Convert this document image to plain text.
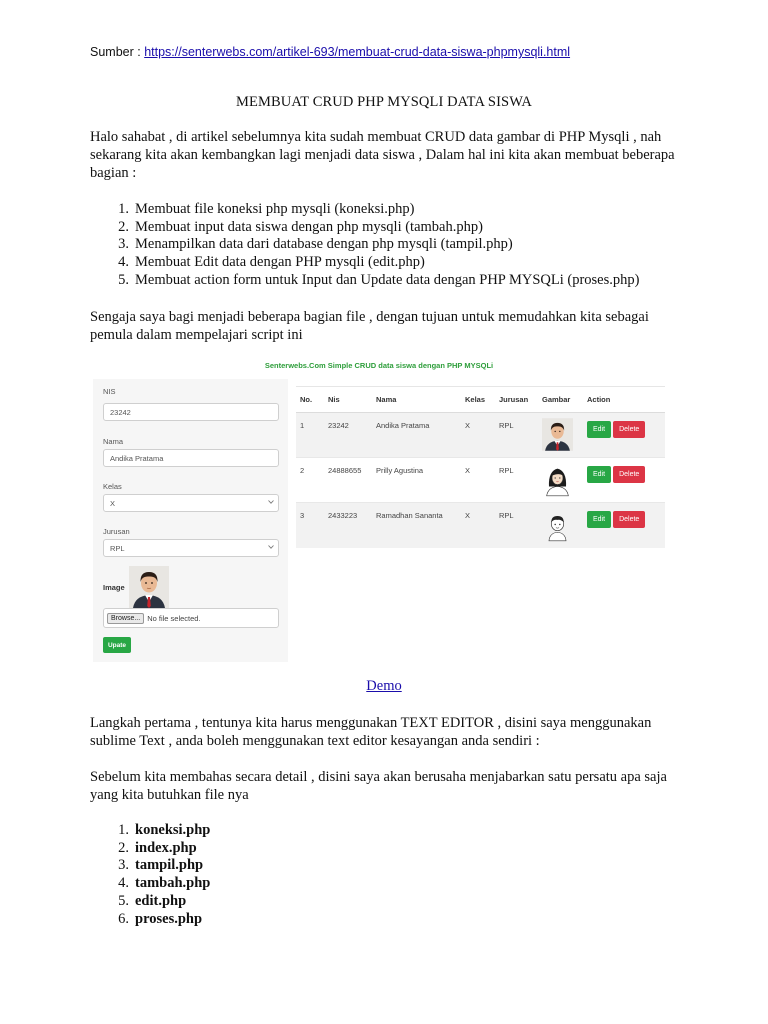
Sumber : https://senterwebs.com/artikel-693/membuat-crud-data-siswa-phpmysqli.html
MEMBUAT CRUD PHP MYSQLI DATA SISWA
Halo sahabat , di artikel sebelumnya kita sudah membuat CRUD data gambar di PHP Mysqli , nah sekarang kita akan kembangkan lagi menjadi data siswa , Dalam hal ini kita akan membuat beberapa bagian :
1. Membuat file koneksi php mysqli (koneksi.php)
2. Membuat input data siswa dengan php mysqli (tambah.php)
3. Menampilkan data dari database dengan php mysqli (tampil.php)
4. Membuat Edit data dengan PHP mysqli (edit.php)
5. Membuat action form untuk Input dan Update data dengan PHP MYSQLi (proses.php)
Sengaja saya bagi menjadi beberapa bagian file , dengan tujuan untuk memudahkan kita sebagai pemula dalam mempelajari script ini
Senterwebs.Com Simple CRUD data siswa dengan PHP MYSQLi
NIS
23242
Nama
Andika Pratama
Kelas
X
Jurusan
RPL
Image
Browse... No file selected.
Upate
No.	Nis	Nama	Kelas	Jurusan	Gambar	Action
1	23242	Andika Pratama	X	RPL		Edit Delete
2	24888655	Prilly Agustina	X	RPL		Edit Delete
3	2433223	Ramadhan Sananta	X	RPL		Edit Delete
Demo
Langkah pertama , tentunya kita harus menggunakan TEXT EDITOR , disini saya menggunakan sublime Text , anda boleh menggunakan text editor kesayangan anda sendiri :
Sebelum kita membahas secara detail , disini saya akan berusaha menjabarkan satu persatu apa saja yang kita butuhkan file nya
1. koneksi.php
2. index.php
3. tampil.php
4. tambah.php
5. edit.php
6. proses.php
